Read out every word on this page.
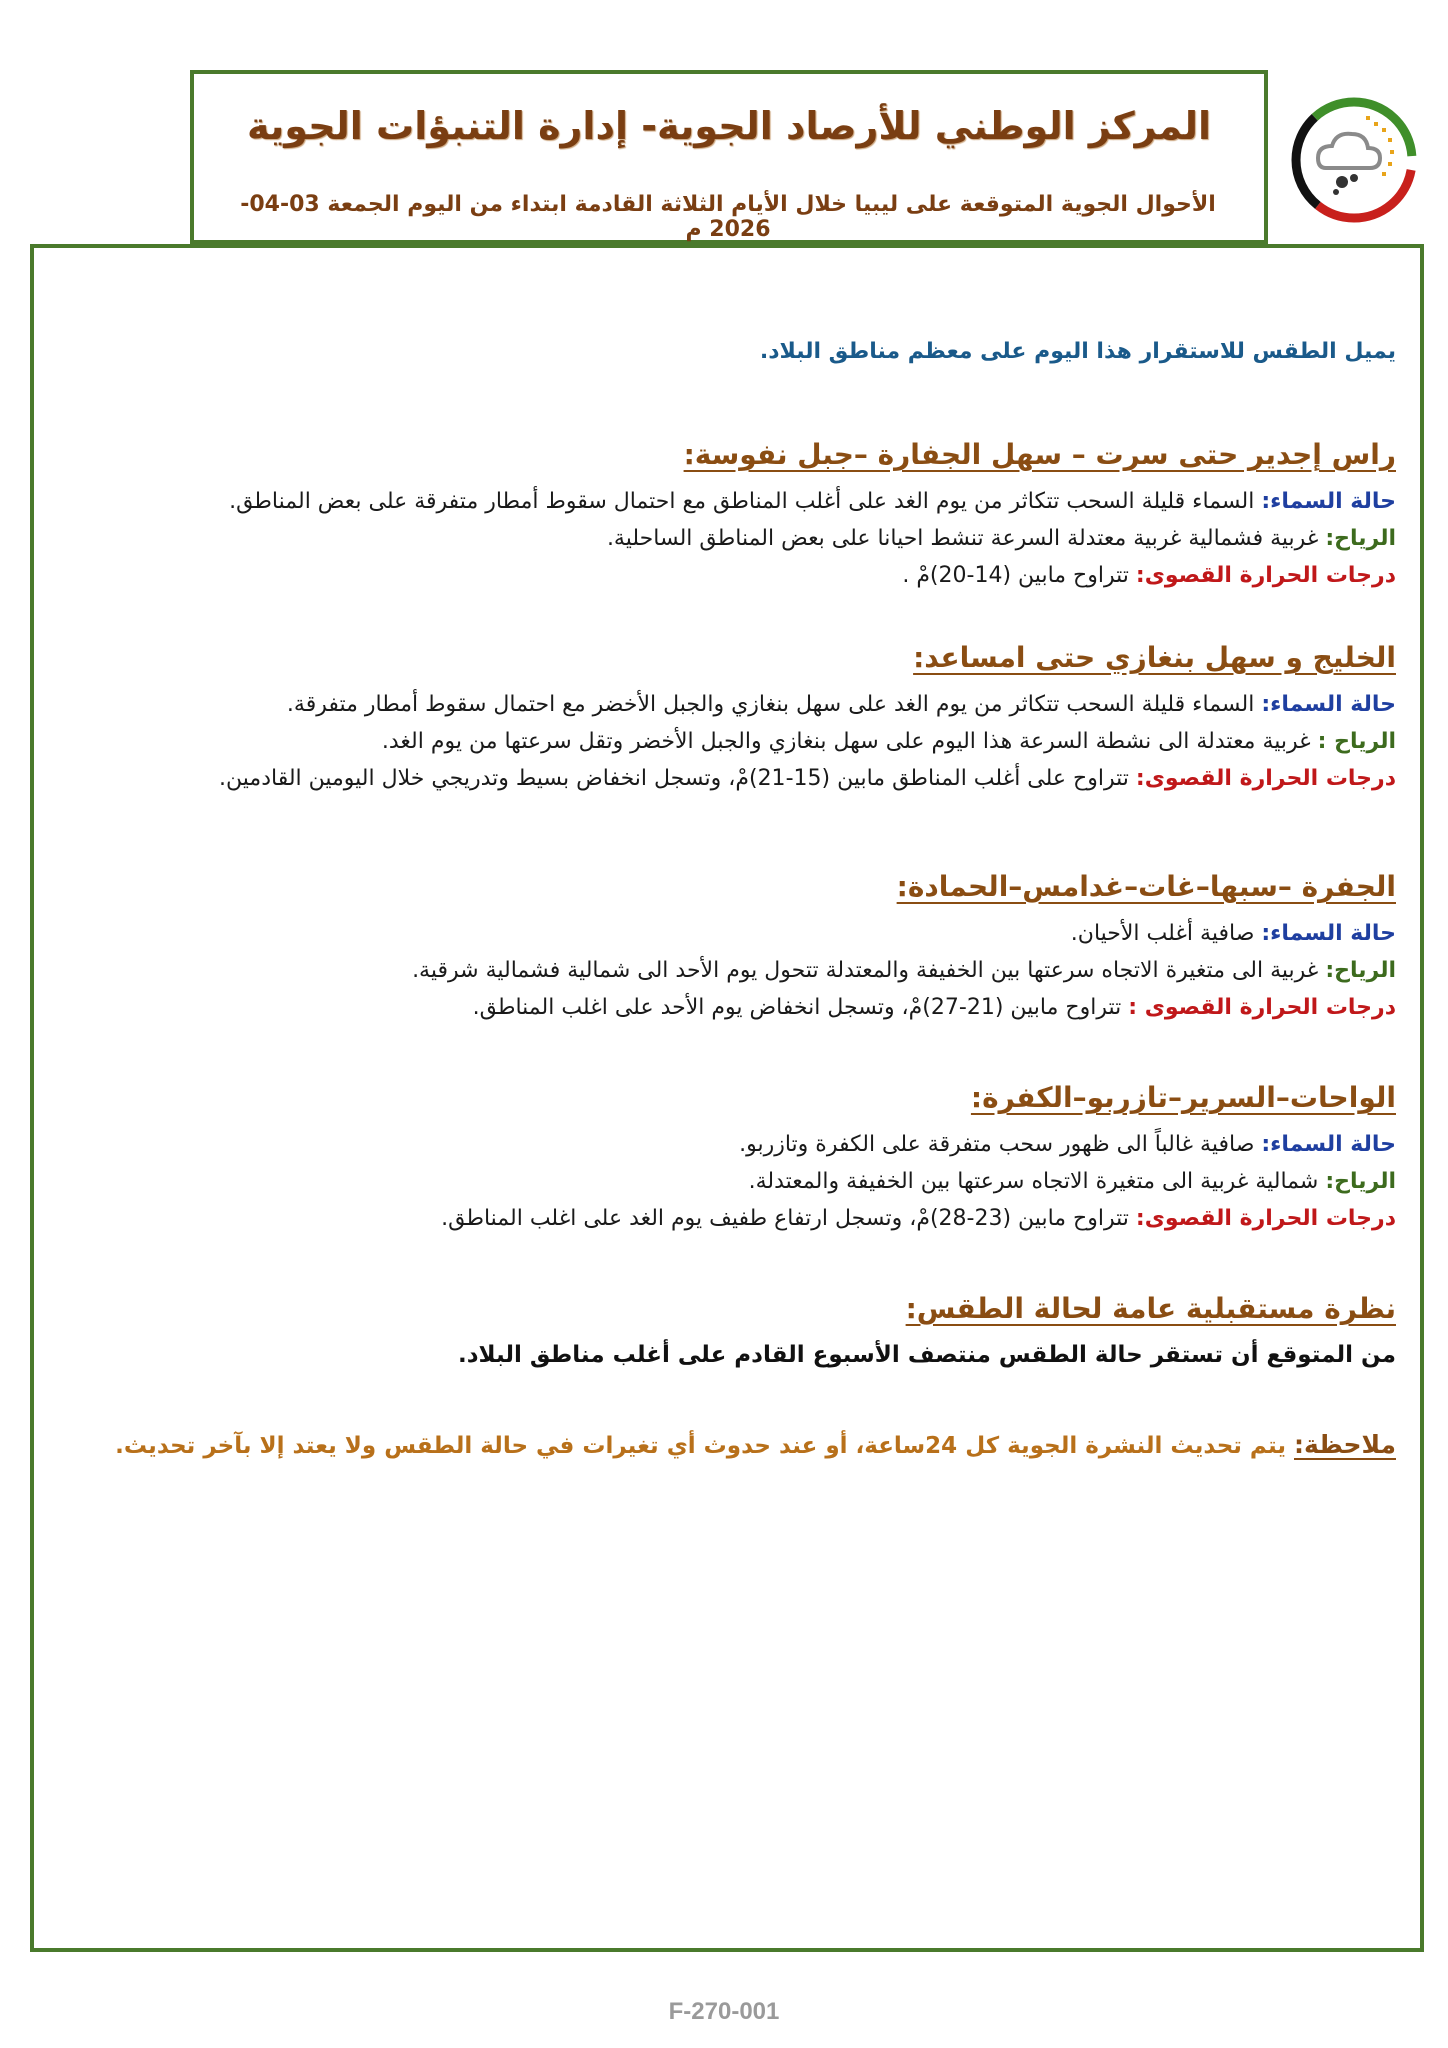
المركز الوطني للأرصاد الجوية- إدارة التنبؤات الجوية
الأحوال الجوية المتوقعة على ليبيا خلال الأيام الثلاثة القادمة ابتداء من اليوم الجمعة 03-04-2026 م
يميل الطقس للاستقرار هذا اليوم على معظم مناطق البلاد.
راس إجدير حتى سرت – سهل الجفارة –جبل نفوسة:
حالة السماء: السماء قليلة السحب تتكاثر من يوم الغد على أغلب المناطق مع احتمال سقوط أمطار متفرقة على بعض المناطق.
الرياح: غربية فشمالية غربية معتدلة السرعة تنشط احيانا على بعض المناطق الساحلية.
درجات الحرارة القصوى: تتراوح مابين (14-20)مْ .
الخليج و سهل بنغازي حتى امساعد:
حالة السماء: السماء قليلة السحب تتكاثر من يوم الغد على سهل بنغازي والجبل الأخضر مع احتمال سقوط أمطار متفرقة.
الرياح : غربية معتدلة الى نشطة السرعة هذا اليوم على سهل بنغازي والجبل الأخضر وتقل سرعتها من يوم الغد.
درجات الحرارة القصوى: تتراوح على أغلب المناطق مابين (15-21)مْ، وتسجل انخفاض بسيط وتدريجي خلال اليومين القادمين.
الجفرة –سبها–غات–غدامس–الحمادة:
حالة السماء: صافية أغلب الأحيان.
الرياح: غربية الى متغيرة الاتجاه سرعتها بين الخفيفة والمعتدلة تتحول يوم الأحد الى شمالية فشمالية شرقية.
درجات الحرارة القصوى : تتراوح مابين (21-27)مْ، وتسجل انخفاض يوم الأحد على اغلب المناطق.
الواحات–السرير–تازربو–الكفرة:
حالة السماء: صافية غالباً الى ظهور سحب متفرقة على الكفرة وتازربو.
الرياح: شمالية غربية الى متغيرة الاتجاه سرعتها بين الخفيفة والمعتدلة.
درجات الحرارة القصوى: تتراوح مابين (23-28)مْ، وتسجل ارتفاع طفيف يوم الغد على اغلب المناطق.
نظرة مستقبلية عامة لحالة الطقس:
من المتوقع أن تستقر حالة الطقس منتصف الأسبوع القادم على أغلب مناطق البلاد.
ملاحظة: يتم تحديث النشرة الجوية كل 24ساعة، أو عند حدوث أي تغيرات في حالة الطقس ولا يعتد إلا بآخر تحديث.
F-270-001
